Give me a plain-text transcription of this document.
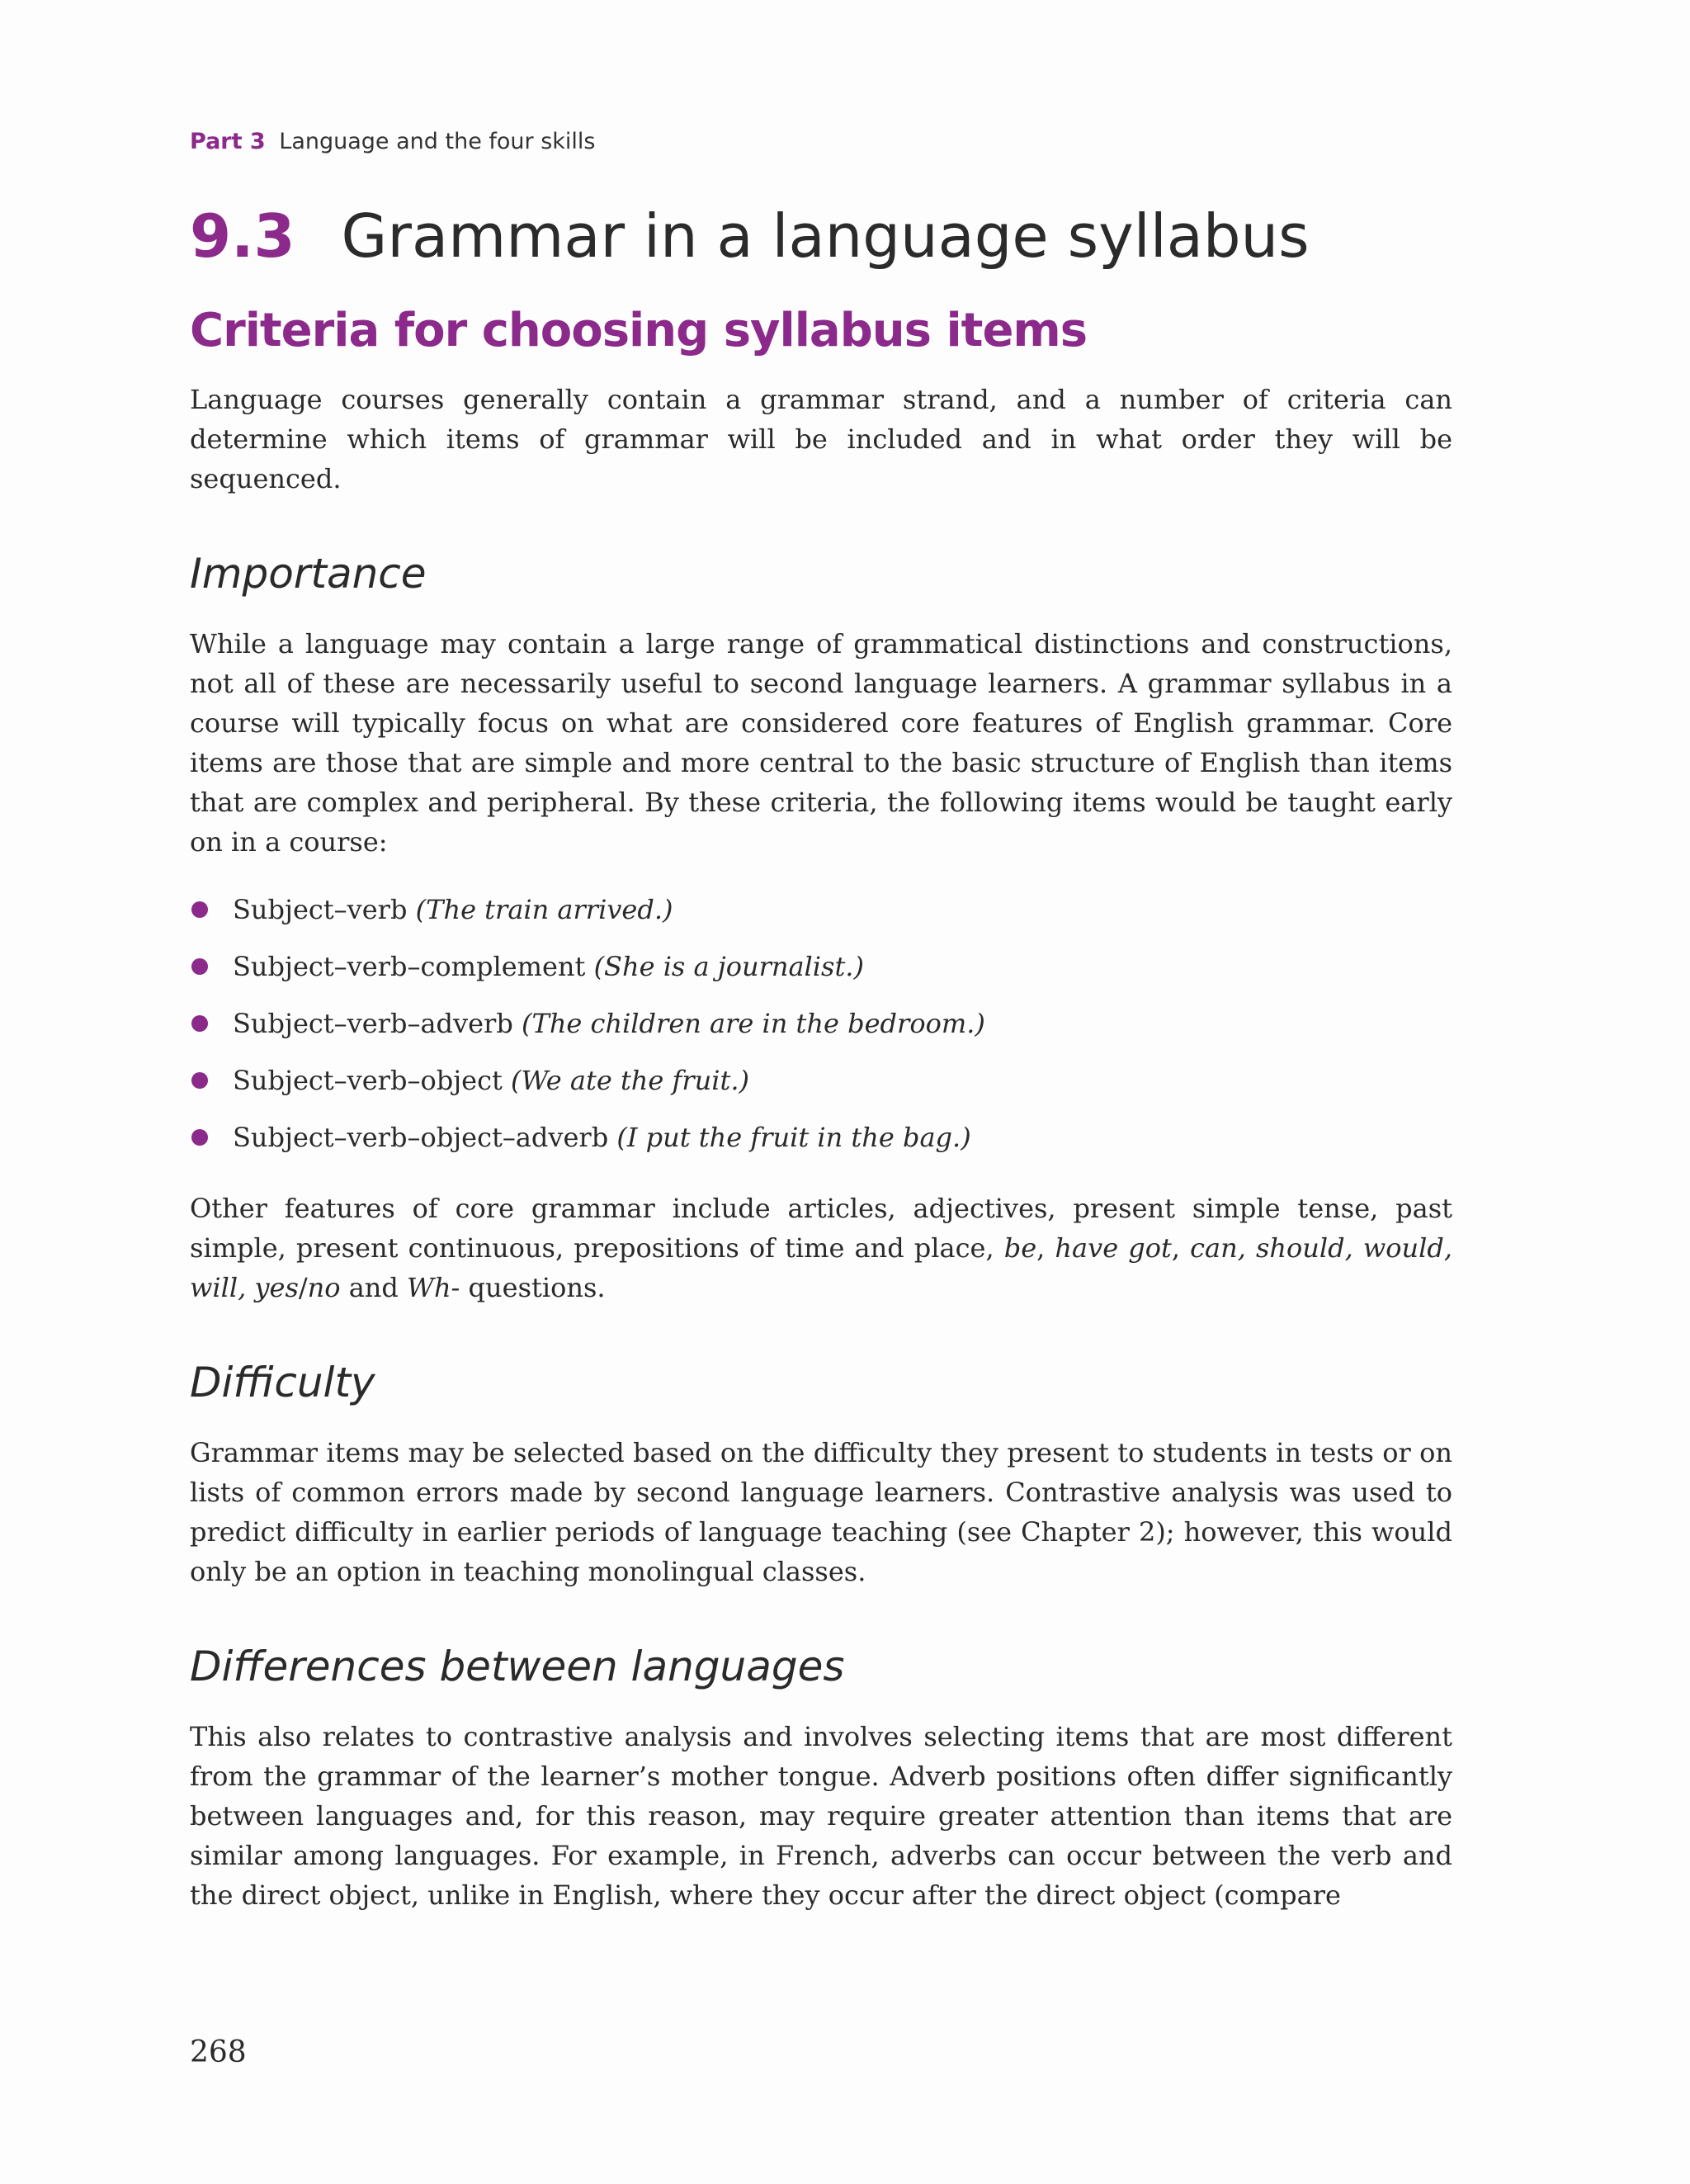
Part 3 Language and the four skills
9.3 Grammar in a language syllabus
Criteria for choosing syllabus items

Language courses generally contain a grammar strand, and a number of criteria can determine which items of grammar will be included and in what order they will be sequenced.

Importance

While a language may contain a large range of grammatical distinctions and constructions, not all of these are necessarily useful to second language learners. A grammar syllabus in a course will typically focus on what are considered core features of English grammar. Core items are those that are simple and more central to the basic structure of English than items that are complex and peripheral. By these criteria, the following items would be taught early on in a course:

Subject–verb (The train arrived.)
Subject–verb–complement (She is a journalist.)
Subject–verb–adverb (The children are in the bedroom.)
Subject–verb–object (We ate the fruit.)
Subject–verb–object–adverb (I put the fruit in the bag.)

Other features of core grammar include articles, adjectives, present simple tense, past simple, present continuous, prepositions of time and place, be, have got, can, should, would, will, yes/no and Wh- questions.

Difficulty

Grammar items may be selected based on the difficulty they present to students in tests or on lists of common errors made by second language learners. Contrastive analysis was used to predict difficulty in earlier periods of language teaching (see Chapter 2); however, this would only be an option in teaching monolingual classes.

Differences between languages

This also relates to contrastive analysis and involves selecting items that are most different from the grammar of the learner’s mother tongue. Adverb positions often differ significantly between languages and, for this reason, may require greater attention than items that are similar among languages. For example, in French, adverbs can occur between the verb and the direct object, unlike in English, where they occur after the direct object (compare

268
